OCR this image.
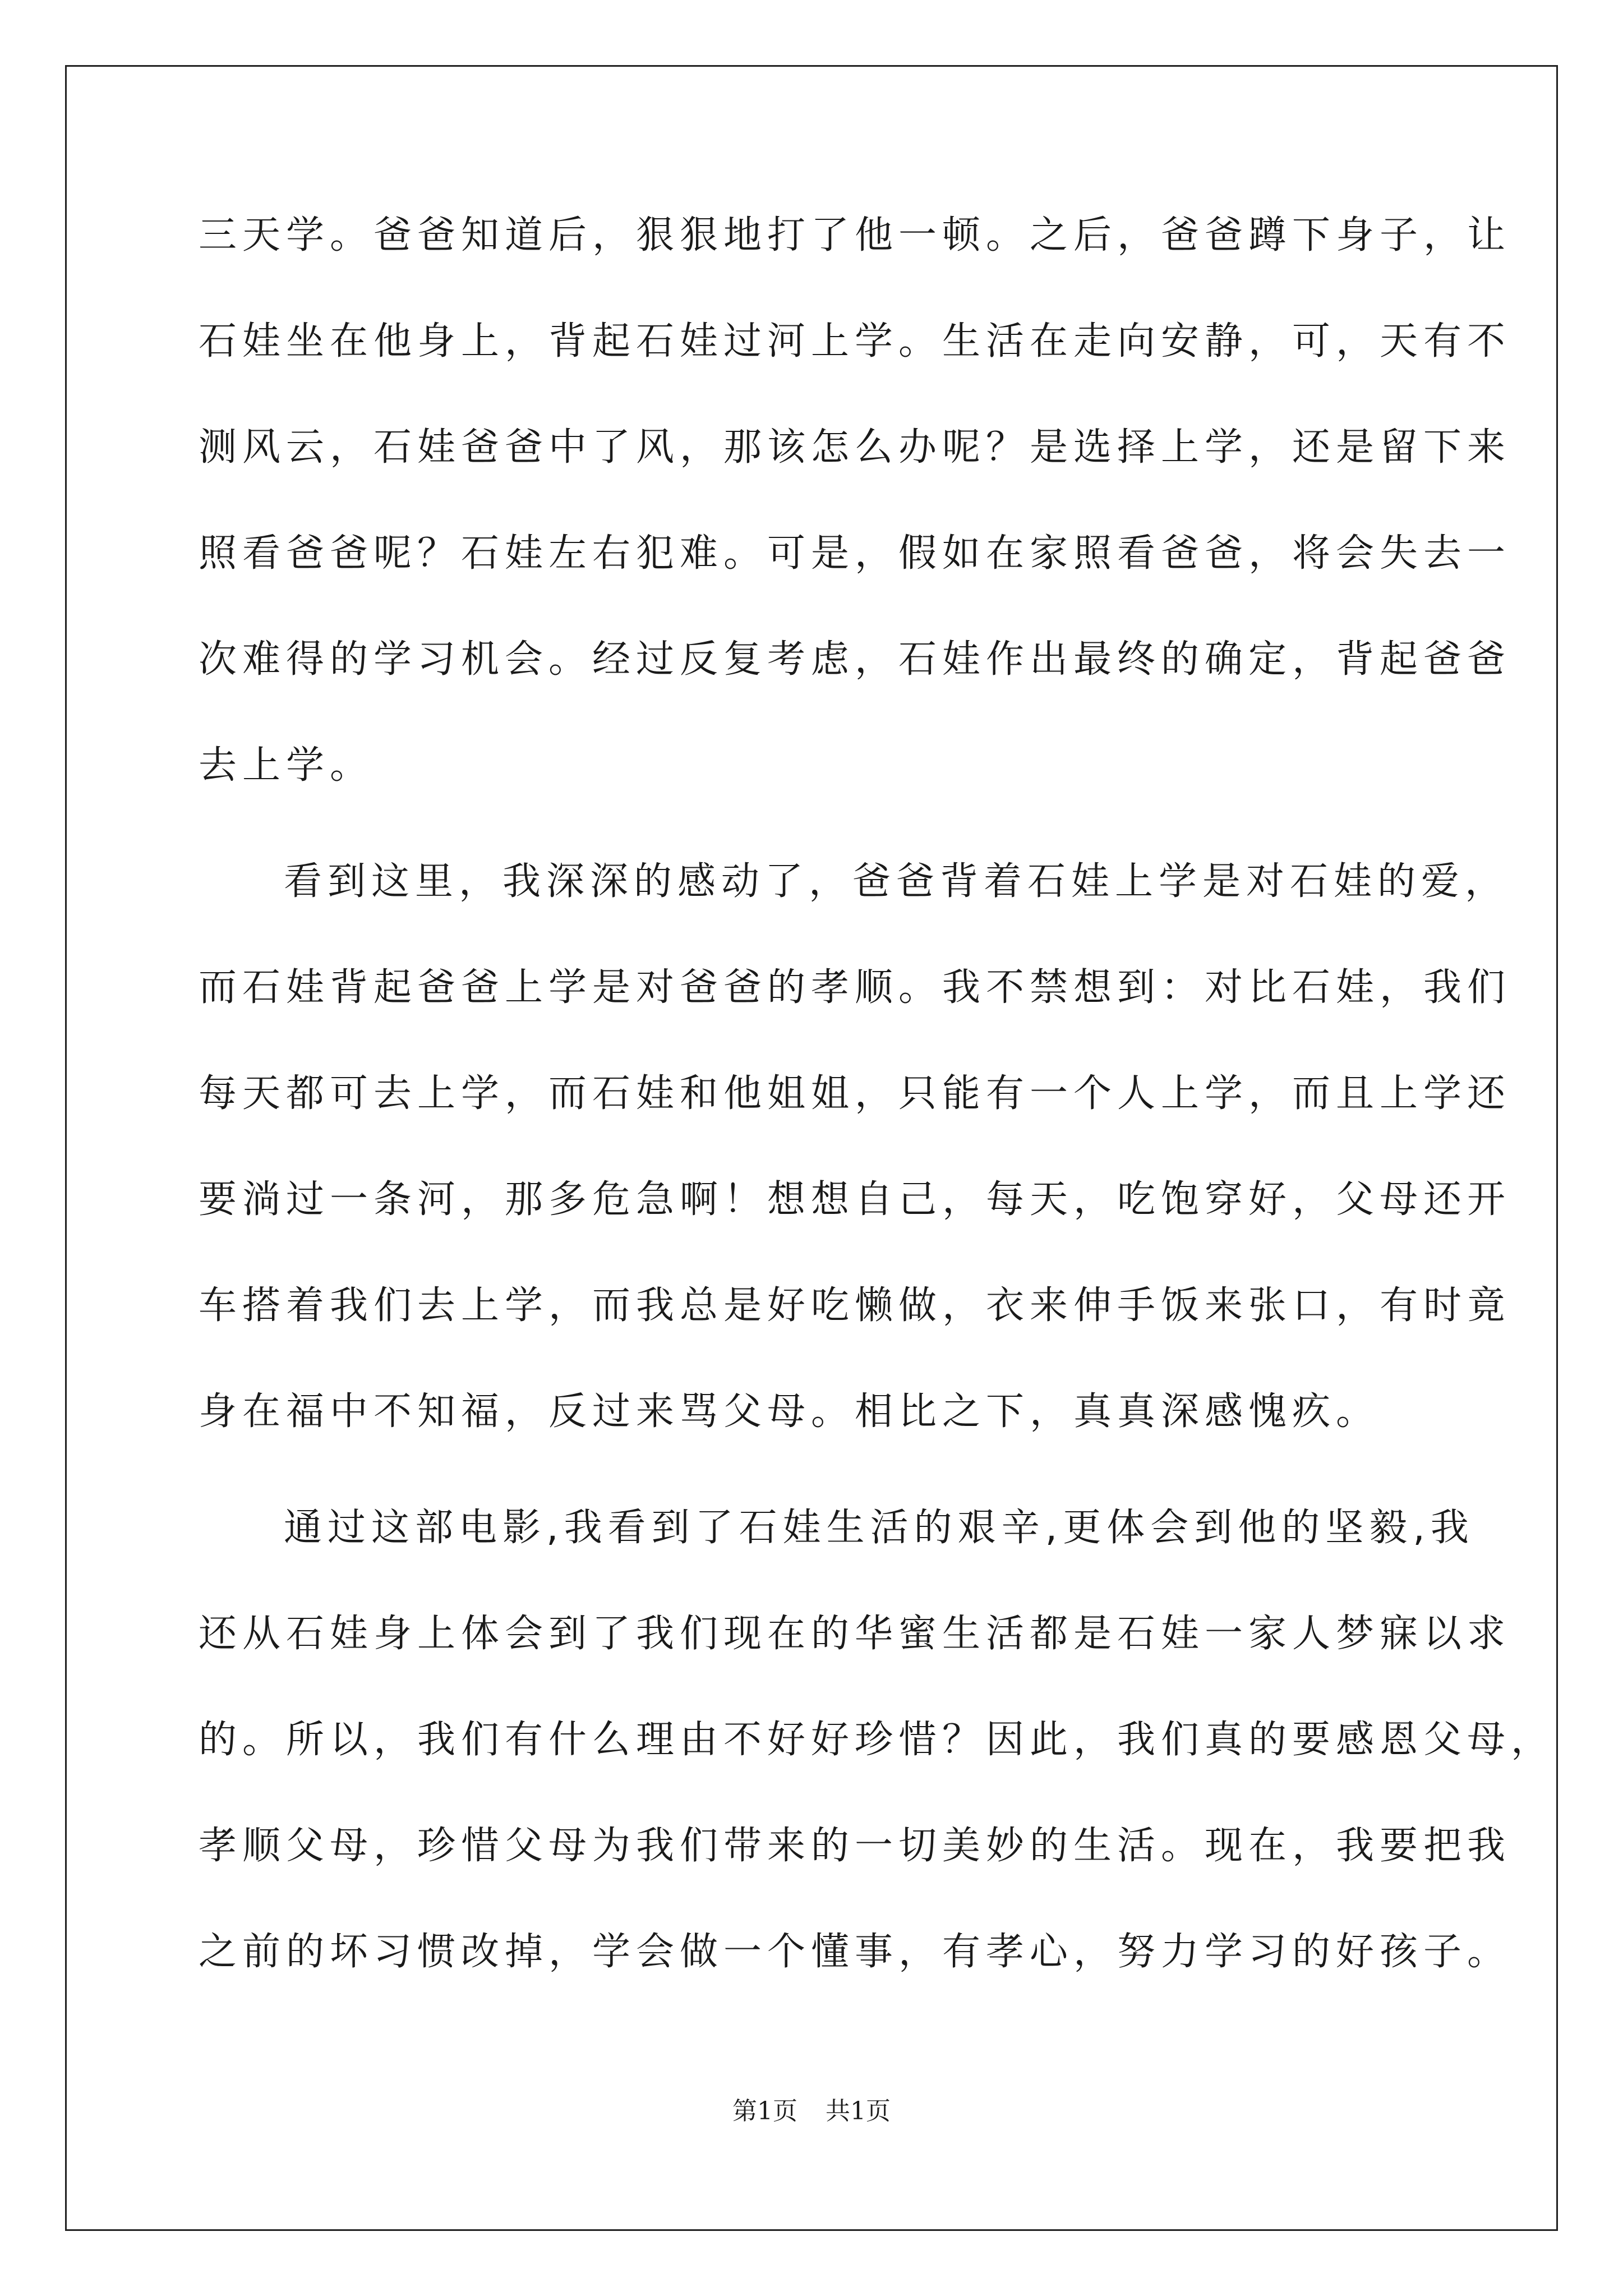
三天学。爸爸知道后，狠狠地打了他一顿。之后，爸爸蹲下身子，让
石娃坐在他身上，背起石娃过河上学。生活在走向安静，可，天有不
测风云，石娃爸爸中了风，那该怎么办呢？是选择上学，还是留下来
照看爸爸呢？石娃左右犯难。可是，假如在家照看爸爸，将会失去一
次难得的学习机会。经过反复考虑，石娃作出最终的确定，背起爸爸
去上学。
看到这里，我深深的感动了，爸爸背着石娃上学是对石娃的爱，
而石娃背起爸爸上学是对爸爸的孝顺。我不禁想到：对比石娃，我们
每天都可去上学，而石娃和他姐姐，只能有一个人上学，而且上学还
要淌过一条河，那多危急啊！想想自己，每天，吃饱穿好，父母还开
车搭着我们去上学，而我总是好吃懒做，衣来伸手饭来张口，有时竟
身在福中不知福，反过来骂父母。相比之下，真真深感愧疚。
通过这部电影,我看到了石娃生活的艰辛,更体会到他的坚毅,我
还从石娃身上体会到了我们现在的华蜜生活都是石娃一家人梦寐以求
的。所以，我们有什么理由不好好珍惜？因此，我们真的要感恩父母，
孝顺父母，珍惜父母为我们带来的一切美妙的生活。现在，我要把我
之前的坏习惯改掉，学会做一个懂事，有孝心，努力学习的好孩子。
第1页 共1页
